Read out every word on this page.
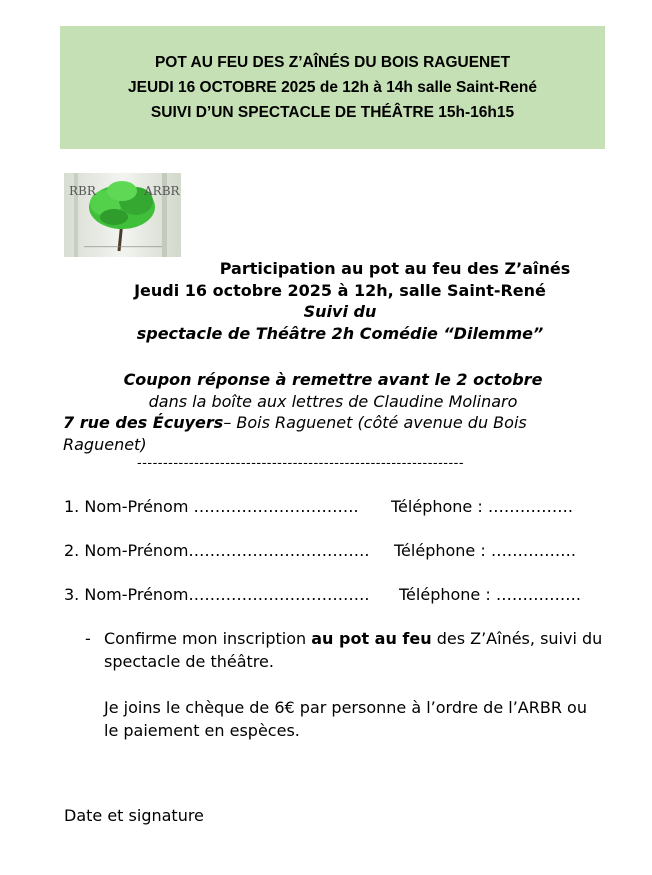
POT AU FEU DES Z’AÎNÉS DU BOIS RAGUENET
JEUDI 16 OCTOBRE 2025 de 12h à 14h salle Saint-René
SUIVI D’UN SPECTACLE DE THÉÂTRE 15h-16h15
RBR	ARBR
Participation au pot au feu des Z’aînés
Jeudi 16 octobre 2025 à 12h, salle Saint-René
Suivi du
spectacle de Théâtre 2h Comédie “Dilemme”
Coupon réponse à remettre avant le 2 octobre
dans la boîte aux lettres de Claudine Molinaro
7 rue des Écuyers– Bois Raguenet (côté avenue du Bois Raguenet)
---------------------------------------------------------------
1. Nom-Prénom …………………………. Téléphone : …………….
2. Nom-Prénom……………………………. Téléphone : …………….
3. Nom-Prénom……………………………. Téléphone : …………….
- Confirme mon inscription au pot au feu des Z’Aînés, suivi du spectacle de théâtre.
Je joins le chèque de 6€ par personne à l’ordre de l’ARBR ou le paiement en espèces.
Date et signature
